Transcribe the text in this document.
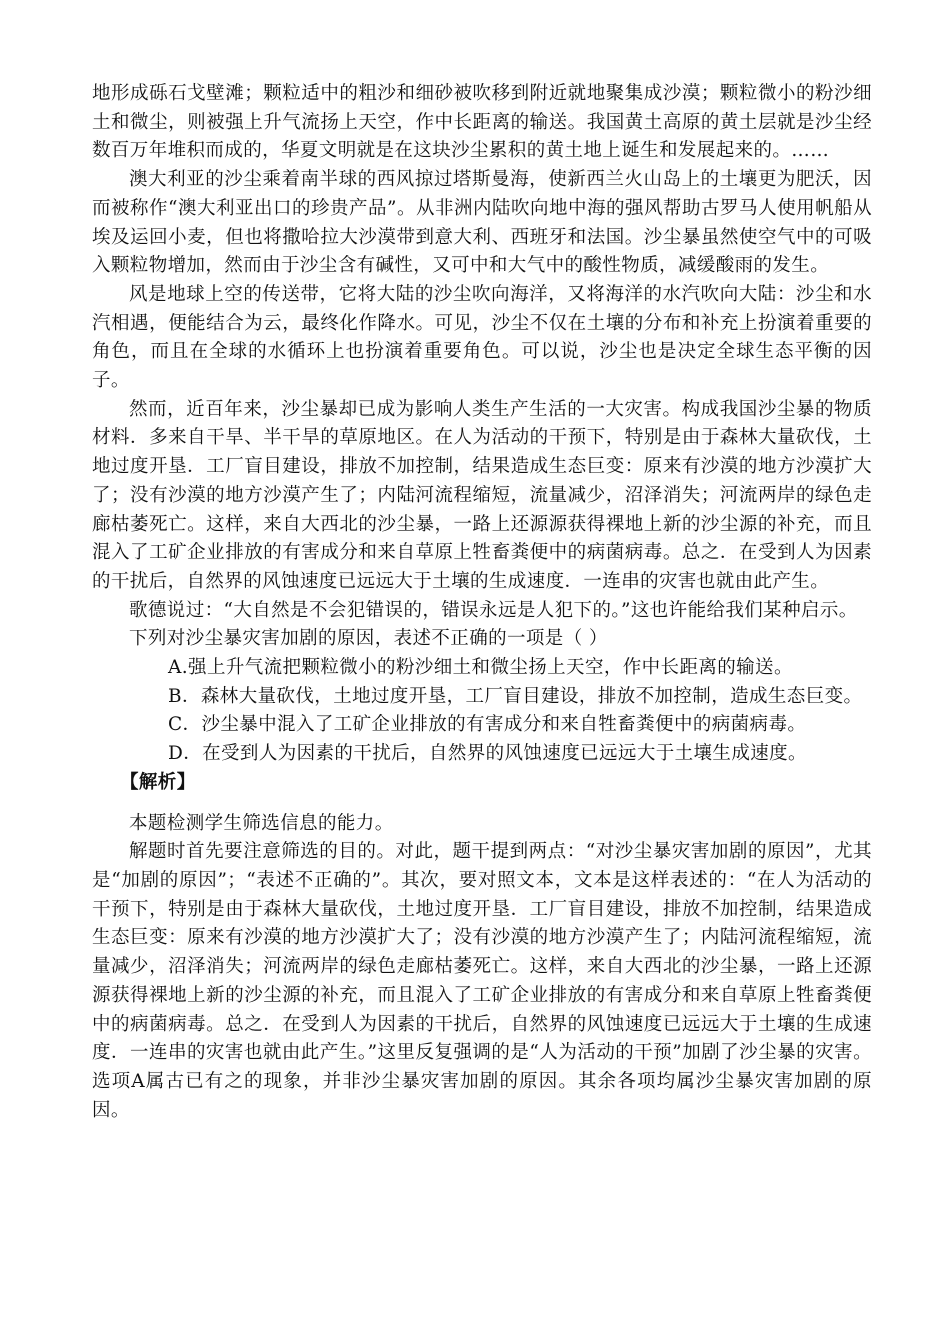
地形成砾石戈壁滩；颗粒适中的粗沙和细砂被吹移到附近就地聚集成沙漠；颗粒微小的粉沙细土和微尘，则被强上升气流扬上天空，作中长距离的输送。我国黄土高原的黄土层就是沙尘经数百万年堆积而成的，华夏文明就是在这块沙尘累积的黄土地上诞生和发展起来的。……

澳大利亚的沙尘乘着南半球的西风掠过塔斯曼海，使新西兰火山岛上的土壤更为肥沃，因而被称作“澳大利亚出口的珍贵产品”。从非洲内陆吹向地中海的强风帮助古罗马人使用帆船从埃及运回小麦，但也将撒哈拉大沙漠带到意大利、西班牙和法国。沙尘暴虽然使空气中的可吸入颗粒物增加，然而由于沙尘含有碱性，又可中和大气中的酸性物质，减缓酸雨的发生。

风是地球上空的传送带，它将大陆的沙尘吹向海洋，又将海洋的水汽吹向大陆：沙尘和水汽相遇，便能结合为云，最终化作降水。可见，沙尘不仅在土壤的分布和补充上扮演着重要的角色，而且在全球的水循环上也扮演着重要角色。可以说，沙尘也是决定全球生态平衡的因子。

然而，近百年来，沙尘暴却已成为影响人类生产生活的一大灾害。构成我国沙尘暴的物质材料．多来自干旱、半干旱的草原地区。在人为活动的干预下，特别是由于森林大量砍伐，土地过度开垦．工厂盲目建设，排放不加控制，结果造成生态巨变：原来有沙漠的地方沙漠扩大了；没有沙漠的地方沙漠产生了；内陆河流程缩短，流量减少，沼泽消失；河流两岸的绿色走廊枯萎死亡。这样，来自大西北的沙尘暴，一路上还源源获得裸地上新的沙尘源的补充，而且混入了工矿企业排放的有害成分和来自草原上牲畜粪便中的病菌病毒。总之．在受到人为因素的干扰后，自然界的风蚀速度已远远大于土壤的生成速度．一连串的灾害也就由此产生。

歌德说过：“大自然是不会犯错误的，错误永远是人犯下的。”这也许能给我们某种启示。

下列对沙尘暴灾害加剧的原因，表述不正确的一项是（ ）

A.强上升气流把颗粒微小的粉沙细土和微尘扬上天空，作中长距离的输送。

B．森林大量砍伐，土地过度开垦，工厂盲目建设，排放不加控制，造成生态巨变。

C．沙尘暴中混入了工矿企业排放的有害成分和来自牲畜粪便中的病菌病毒。

D．在受到人为因素的干扰后，自然界的风蚀速度已远远大于土壤生成速度。

【解析】

本题检测学生筛选信息的能力。

解题时首先要注意筛选的目的。对此，题干提到两点：“对沙尘暴灾害加剧的原因”，尤其是“加剧的原因”；“表述不正确的”。其次，要对照文本，文本是这样表述的：“在人为活动的干预下，特别是由于森林大量砍伐，土地过度开垦．工厂盲目建设，排放不加控制，结果造成生态巨变：原来有沙漠的地方沙漠扩大了；没有沙漠的地方沙漠产生了；内陆河流程缩短，流量减少，沼泽消失；河流两岸的绿色走廊枯萎死亡。这样，来自大西北的沙尘暴，一路上还源源获得裸地上新的沙尘源的补充，而且混入了工矿企业排放的有害成分和来自草原上牲畜粪便中的病菌病毒。总之．在受到人为因素的干扰后，自然界的风蚀速度已远远大于土壤的生成速度．一连串的灾害也就由此产生。”这里反复强调的是“人为活动的干预”加剧了沙尘暴的灾害。选项A属古已有之的现象，并非沙尘暴灾害加剧的原因。其余各项均属沙尘暴灾害加剧的原因。
